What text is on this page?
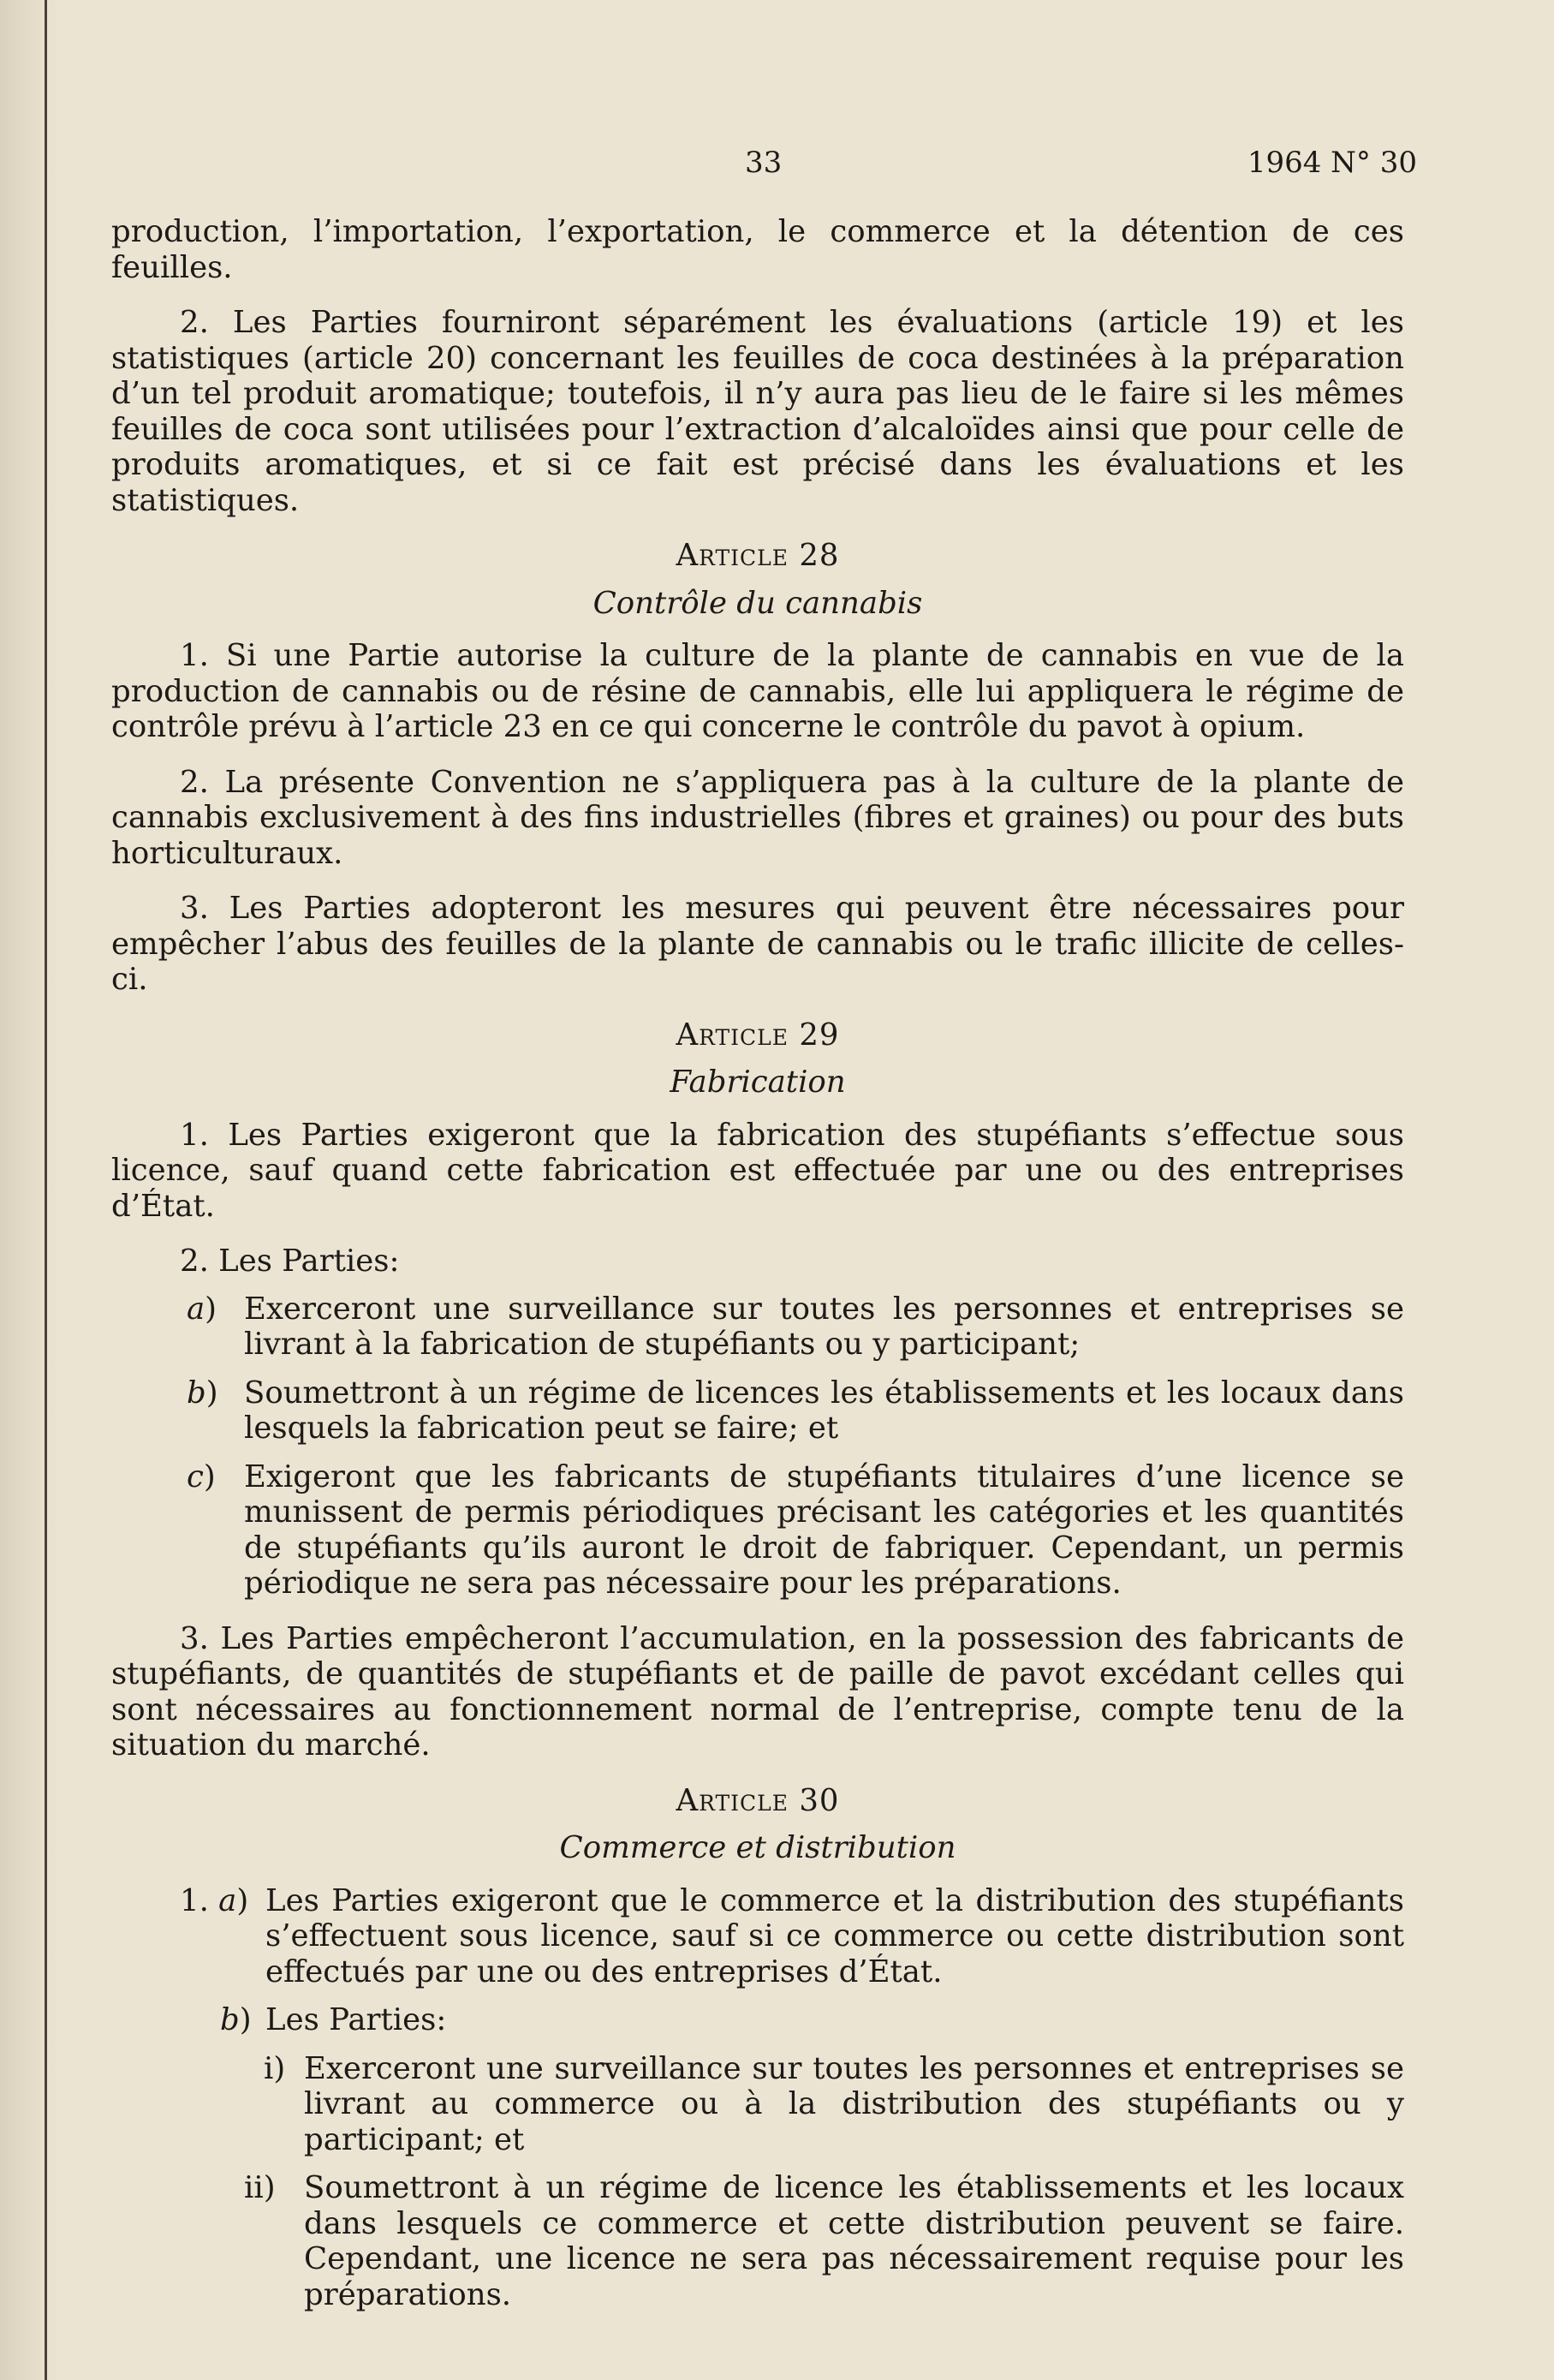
33	1964 N° 30

production, l’importation, l’exportation, le commerce et la détention de ces feuilles.

2. Les Parties fourniront séparément les évaluations (article 19) et les statistiques (article 20) concernant les feuilles de coca destinées à la préparation d’un tel produit aromatique; toutefois, il n’y aura pas lieu de le faire si les mêmes feuilles de coca sont utilisées pour l’extraction d’alcaloïdes ainsi que pour celle de produits aromatiques, et si ce fait est précisé dans les évaluations et les statistiques.

Article 28
Contrôle du cannabis

1. Si une Partie autorise la culture de la plante de cannabis en vue de la production de cannabis ou de résine de cannabis, elle lui appliquera le régime de contrôle prévu à l’article 23 en ce qui concerne le contrôle du pavot à opium.

2. La présente Convention ne s’appliquera pas à la culture de la plante de cannabis exclusivement à des fins industrielles (fibres et graines) ou pour des buts horticulturaux.

3. Les Parties adopteront les mesures qui peuvent être nécessaires pour empêcher l’abus des feuilles de la plante de cannabis ou le trafic illicite de celles-ci.

Article 29
Fabrication

1. Les Parties exigeront que la fabrication des stupéfiants s’effectue sous licence, sauf quand cette fabrication est effectuée par une ou des entreprises d’État.

2. Les Parties:

a) Exerceront une surveillance sur toutes les personnes et entreprises se livrant à la fabrication de stupéfiants ou y participant;
b) Soumettront à un régime de licences les établissements et les locaux dans lesquels la fabrication peut se faire; et
c) Exigeront que les fabricants de stupéfiants titulaires d’une licence se munissent de permis périodiques précisant les catégories et les quantités de stupéfiants qu’ils auront le droit de fabriquer. Cependant, un permis périodique ne sera pas nécessaire pour les préparations.

3. Les Parties empêcheront l’accumulation, en la possession des fabricants de stupéfiants, de quantités de stupéfiants et de paille de pavot excédant celles qui sont nécessaires au fonctionnement normal de l’entreprise, compte tenu de la situation du marché.

Article 30
Commerce et distribution
1. a) Les Parties exigeront que le commerce et la distribution des stupéfiants s’effectuent sous licence, sauf si ce commerce ou cette distribution sont effectués par une ou des entreprises d’État.
b) Les Parties:
i) Exerceront une surveillance sur toutes les personnes et entreprises se livrant au commerce ou à la distribution des stupéfiants ou y participant; et
ii) Soumettront à un régime de licence les établissements et les locaux dans lesquels ce commerce et cette distribution peuvent se faire. Cependant, une licence ne sera pas nécessairement requise pour les préparations.
